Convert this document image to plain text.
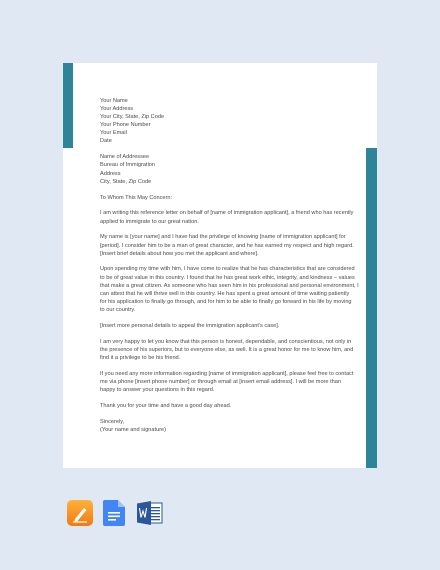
Your Name
Your Address
Your City, State, Zip Code
Your Phone Number
Your Email
Date
Name of Addressee
Bureau of Immigration
Address
City, State, Zip Code
To Whom This May Concern:
I am writing this reference letter on behalf of [name of immigration applicant], a friend who has recently
applied to immigrate to our great nation.
My name is [your name] and I have had the privilege of knowing [name of immigration applicant] for
[period]. I consider him to be a man of great character, and he has earned my respect and high regard.
[Insert brief details about how you met the applicant and where].
Upon spending my time with him, I have come to realize that he has characteristics that are considered
to be of great value in this country. I found that he has great work ethic, integrity, and kindness – values
that make a great citizen. As someone who has seen him in his professional and personal environment, I
can attest that he will thrive well in this country. He has spent a great amount of time waiting patiently
for his application to finally go through, and for him to be able to finally go forward in his life by moving
to our country.
[Insert more personal details to appeal the immigration applicant’s case].
I am very happy to let you know that this person is honest, dependable, and conscientious, not only in
the presence of his superiors, but to everyone else, as well. It is a great honor for me to know him, and
find it a privilege to be his friend.
If you need any more information regarding [name of immigration applicant], please feel free to contact
me via phone [insert phone number] or through email at [insert email address]. I will be more than
happy to answer your questions in this regard.
Thank you for your time and have a good day ahead.
Sincerely,
(Your name and signature)
